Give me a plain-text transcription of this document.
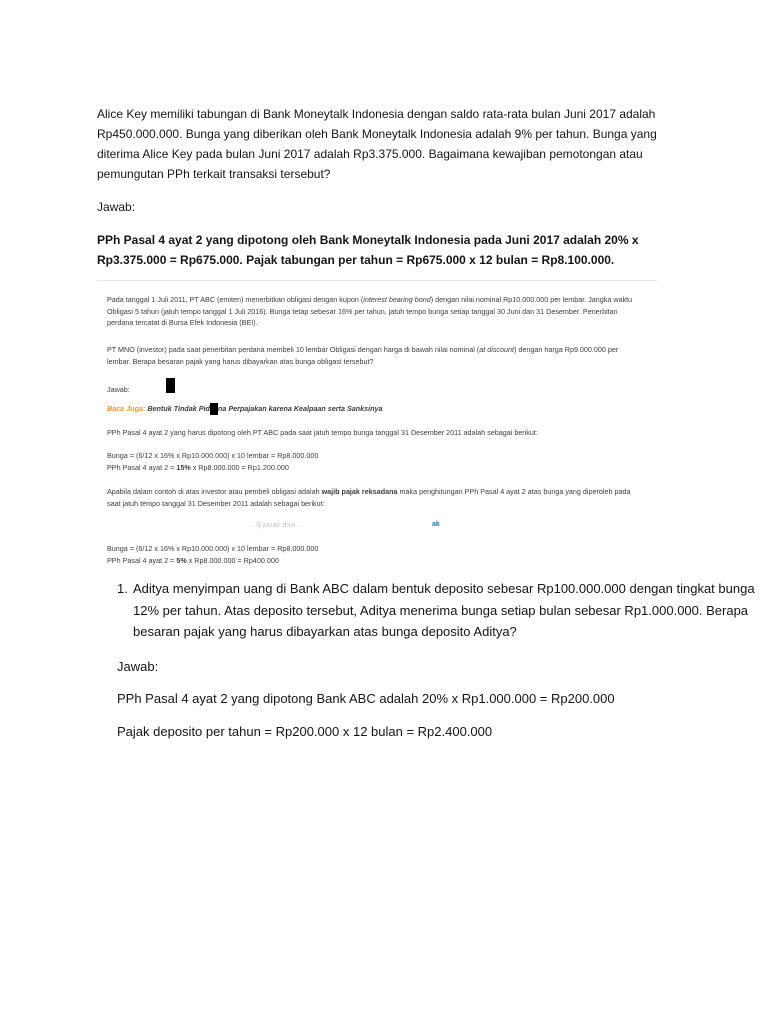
Alice Key memiliki tabungan di Bank Moneytalk Indonesia dengan saldo rata-rata bulan Juni 2017 adalah Rp450.000.000. Bunga yang diberikan oleh Bank Moneytalk Indonesia adalah 9% per tahun. Bunga yang diterima Alice Key pada bulan Juni 2017 adalah Rp3.375.000. Bagaimana kewajiban pemotongan atau pemungutan PPh terkait transaksi tersebut?

Jawab:

PPh Pasal 4 ayat 2 yang dipotong oleh Bank Moneytalk Indonesia pada Juni 2017 adalah 20% x Rp3.375.000 = Rp675.000. Pajak tabungan per tahun = Rp675.000 x 12 bulan = Rp8.100.000.

Pada tanggal 1 Juli 2011, PT ABC (emiten) menerbitkan obligasi dengan kupon (interest bearing bond) dengan nilai nominal Rp10.000.000 per lembar. Jangka waktu Obligasi 5 tahun (jatuh tempo tanggal 1 Juli 2016). Bunga tetap sebesar 16% per tahun, jatuh tempo bunga setiap tanggal 30 Juni dan 31 Desember. Penerbitan perdana tercatat di Bursa Efek Indonesia (BEI).

PT MNO (investor) pada saat penerbitan perdana membeli 10 lembar Obligasi dengan harga di bawah nilai nominal (at discount) dengan harga Rp9.000.000 per lembar. Berapa besaran pajak yang harus dibayarkan atas bunga obligasi tersebut?

Jawab:

Baca Juga: Bentuk Tindak Pid na Perpajakan karena Kealpaan serta Sanksinya

PPh Pasal 4 ayat 2 yang harus dipotong oleh PT ABC pada saat jatuh tempo bunga tanggal 31 Desember 2011 adalah sebagai berikut:

Bunga = (6/12 x 16% x Rp10.000.000) x 10 lembar = Rp8.000.000

PPh Pasal 4 ayat 2 = 15% x Rp8.000.000 = Rp1.200.000

Apabila dalam contoh di atas investor atau pembeli obligasi adalah wajib pajak reksadana maka penghitungan PPh Pasal 4 ayat 2 atas bunga yang diperoleh pada saat jatuh tempo tanggal 31 Desember 2011 adalah sebagai berikut:

... Syarat dan ...	ak

Bunga = (6/12 x 16% x Rp10.000.000) x 10 lembar = Rp8.000.000

PPh Pasal 4 ayat 2 = 5% x Rp8.000.000 = Rp400.000

1. Aditya menyimpan uang di Bank ABC dalam bentuk deposito sebesar Rp100.000.000 dengan tingkat bunga 12% per tahun. Atas deposito tersebut, Aditya menerima bunga setiap bulan sebesar Rp1.000.000. Berapa besaran pajak yang harus dibayarkan atas bunga deposito Aditya?

Jawab:

PPh Pasal 4 ayat 2 yang dipotong Bank ABC adalah 20% x Rp1.000.000 = Rp200.000

Pajak deposito per tahun = Rp200.000 x 12 bulan = Rp2.400.000
